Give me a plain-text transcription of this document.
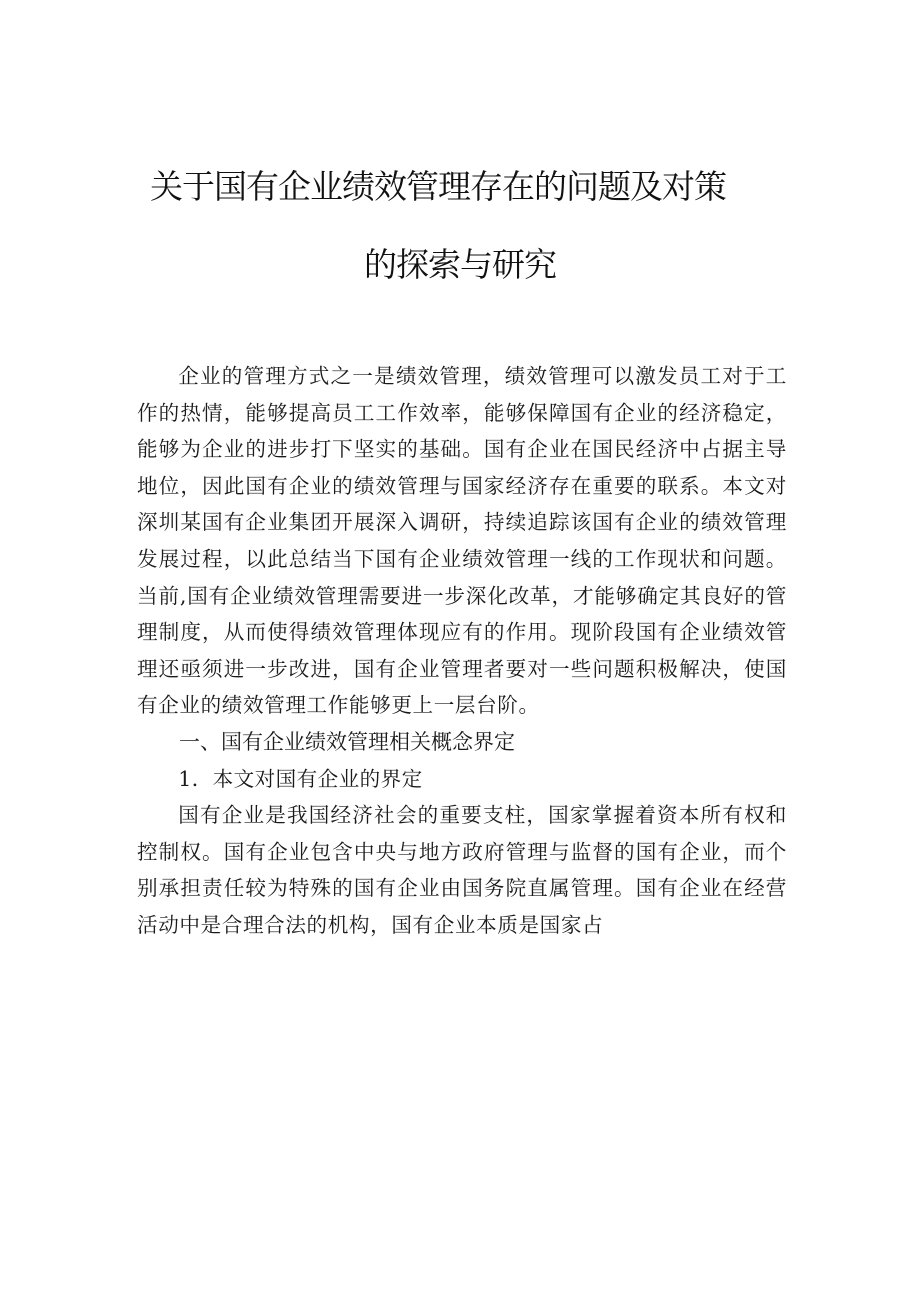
关于国有企业绩效管理存在的问题及对策
的探索与研究

企业的管理方式之一是绩效管理，绩效管理可以激发员工对于工作的热情，能够提高员工工作效率，能够保障国有企业的经济稳定，能够为企业的进步打下坚实的基础。国有企业在国民经济中占据主导地位，因此国有企业的绩效管理与国家经济存在重要的联系。本文对深圳某国有企业集团开展深入调研，持续追踪该国有企业的绩效管理发展过程，以此总结当下国有企业绩效管理一线的工作现状和问题。当前,国有企业绩效管理需要进一步深化改革，才能够确定其良好的管理制度，从而使得绩效管理体现应有的作用。现阶段国有企业绩效管理还亟须进一步改进，国有企业管理者要对一些问题积极解决，使国有企业的绩效管理工作能够更上一层台阶。

一、国有企业绩效管理相关概念界定

1．本文对国有企业的界定

国有企业是我国经济社会的重要支柱，国家掌握着资本所有权和控制权。国有企业包含中央与地方政府管理与监督的国有企业，而个别承担责任较为特殊的国有企业由国务院直属管理。国有企业在经营活动中是合理合法的机构，国有企业本质是国家占
